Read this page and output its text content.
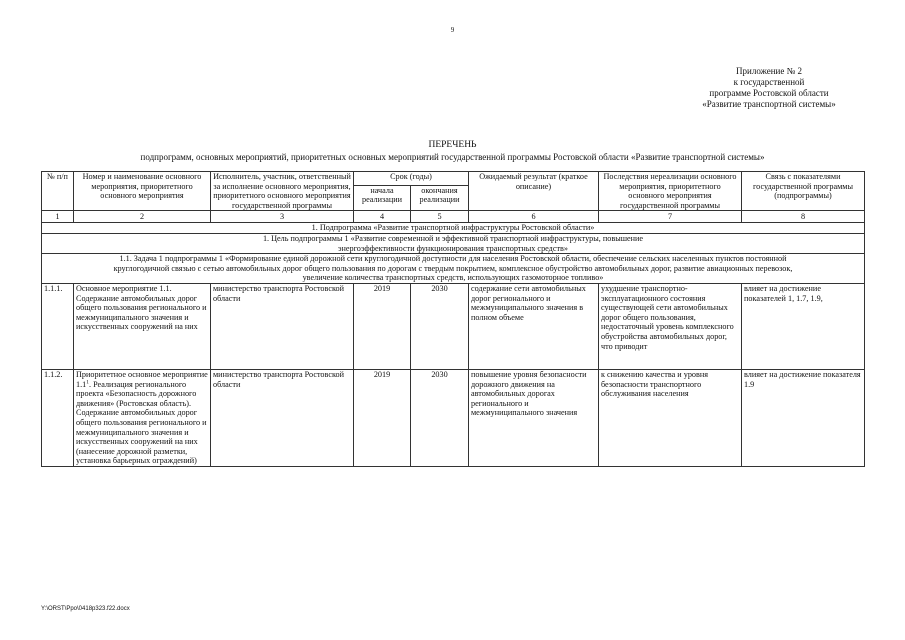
9
Приложение № 2
к государственной
программе Ростовской области
«Развитие транспортной системы»
ПЕРЕЧЕНЬ
подпрограмм, основных мероприятий, приоритетных основных мероприятий государственной программы Ростовской области «Развитие транспортной системы»
№ п/п	Номер и наименование основного мероприятия, приоритетного основного мероприятия	Исполнитель, участник, ответственный за исполнение основного мероприятия, приоритетного основного мероприятия государственной программы	Срок (годы)		Ожидаемый результат (краткое описание)	Последствия нереализации основного мероприятия, приоритетного основного мероприятия государственной программы	Связь с показателями государственной программы (подпрограммы)
			начала реализации	окончания реализации			
1	2	3	4	5	6	7	8
1. Подпрограмма «Развитие транспортной инфраструктуры Ростовской области»							
1. Цель подпрограммы 1 «Развитие современной и эффективной транспортной инфраструктуры, повышение энергоэффективности функционирования транспортных средств»							
1.1. Задача 1 подпрограммы 1 «Формирование единой дорожной сети круглогодичной доступности для населения Ростовской области, обеспечение сельских населенных пунктов постоянной круглогодичной связью с сетью автомобильных дорог общего пользования по дорогам с твердым покрытием, комплексное обустройство автомобильных дорог, развитие авиационных перевозок, увеличение количества транспортных средств, использующих газомоторное топливо»							
1.1.1.	Основное мероприятие 1.1. Содержание автомобильных дорог общего пользования регионального и межмуниципального значения и искусственных сооружений на них	министерство транспорта Ростовской области	2019	2030	содержание сети автомобильных дорог регионального и межмуниципального значения в полном объеме	ухудшение транспортно-эксплуатационного состояния существующей сети автомобильных дорог общего пользования, недостаточный уровень комплексного обустройства автомобильных дорог, что приводит	влияет на достижение показателей 1, 1.7, 1.9,
1.1.2.	Приоритетное основное мероприятие $1.1^1$. Реализация регионального проекта «Безопасность дорожного движения» (Ростовская область). Содержание автомобильных дорог общего пользования регионального и межмуниципального значения и искусственных сооружений на них (нанесение дорожной разметки, установка барьерных ограждений)	министерство транспорта Ростовской области	2019	2030	повышение уровня безопасности дорожного движения на автомобильных дорогах регионального и межмуниципального значения	к снижению качества и уровня безопасности транспортного обслуживания населения	влияет на достижение показателя 1.9
Y:\ORST\Ppo\0418p323.f22.docx
